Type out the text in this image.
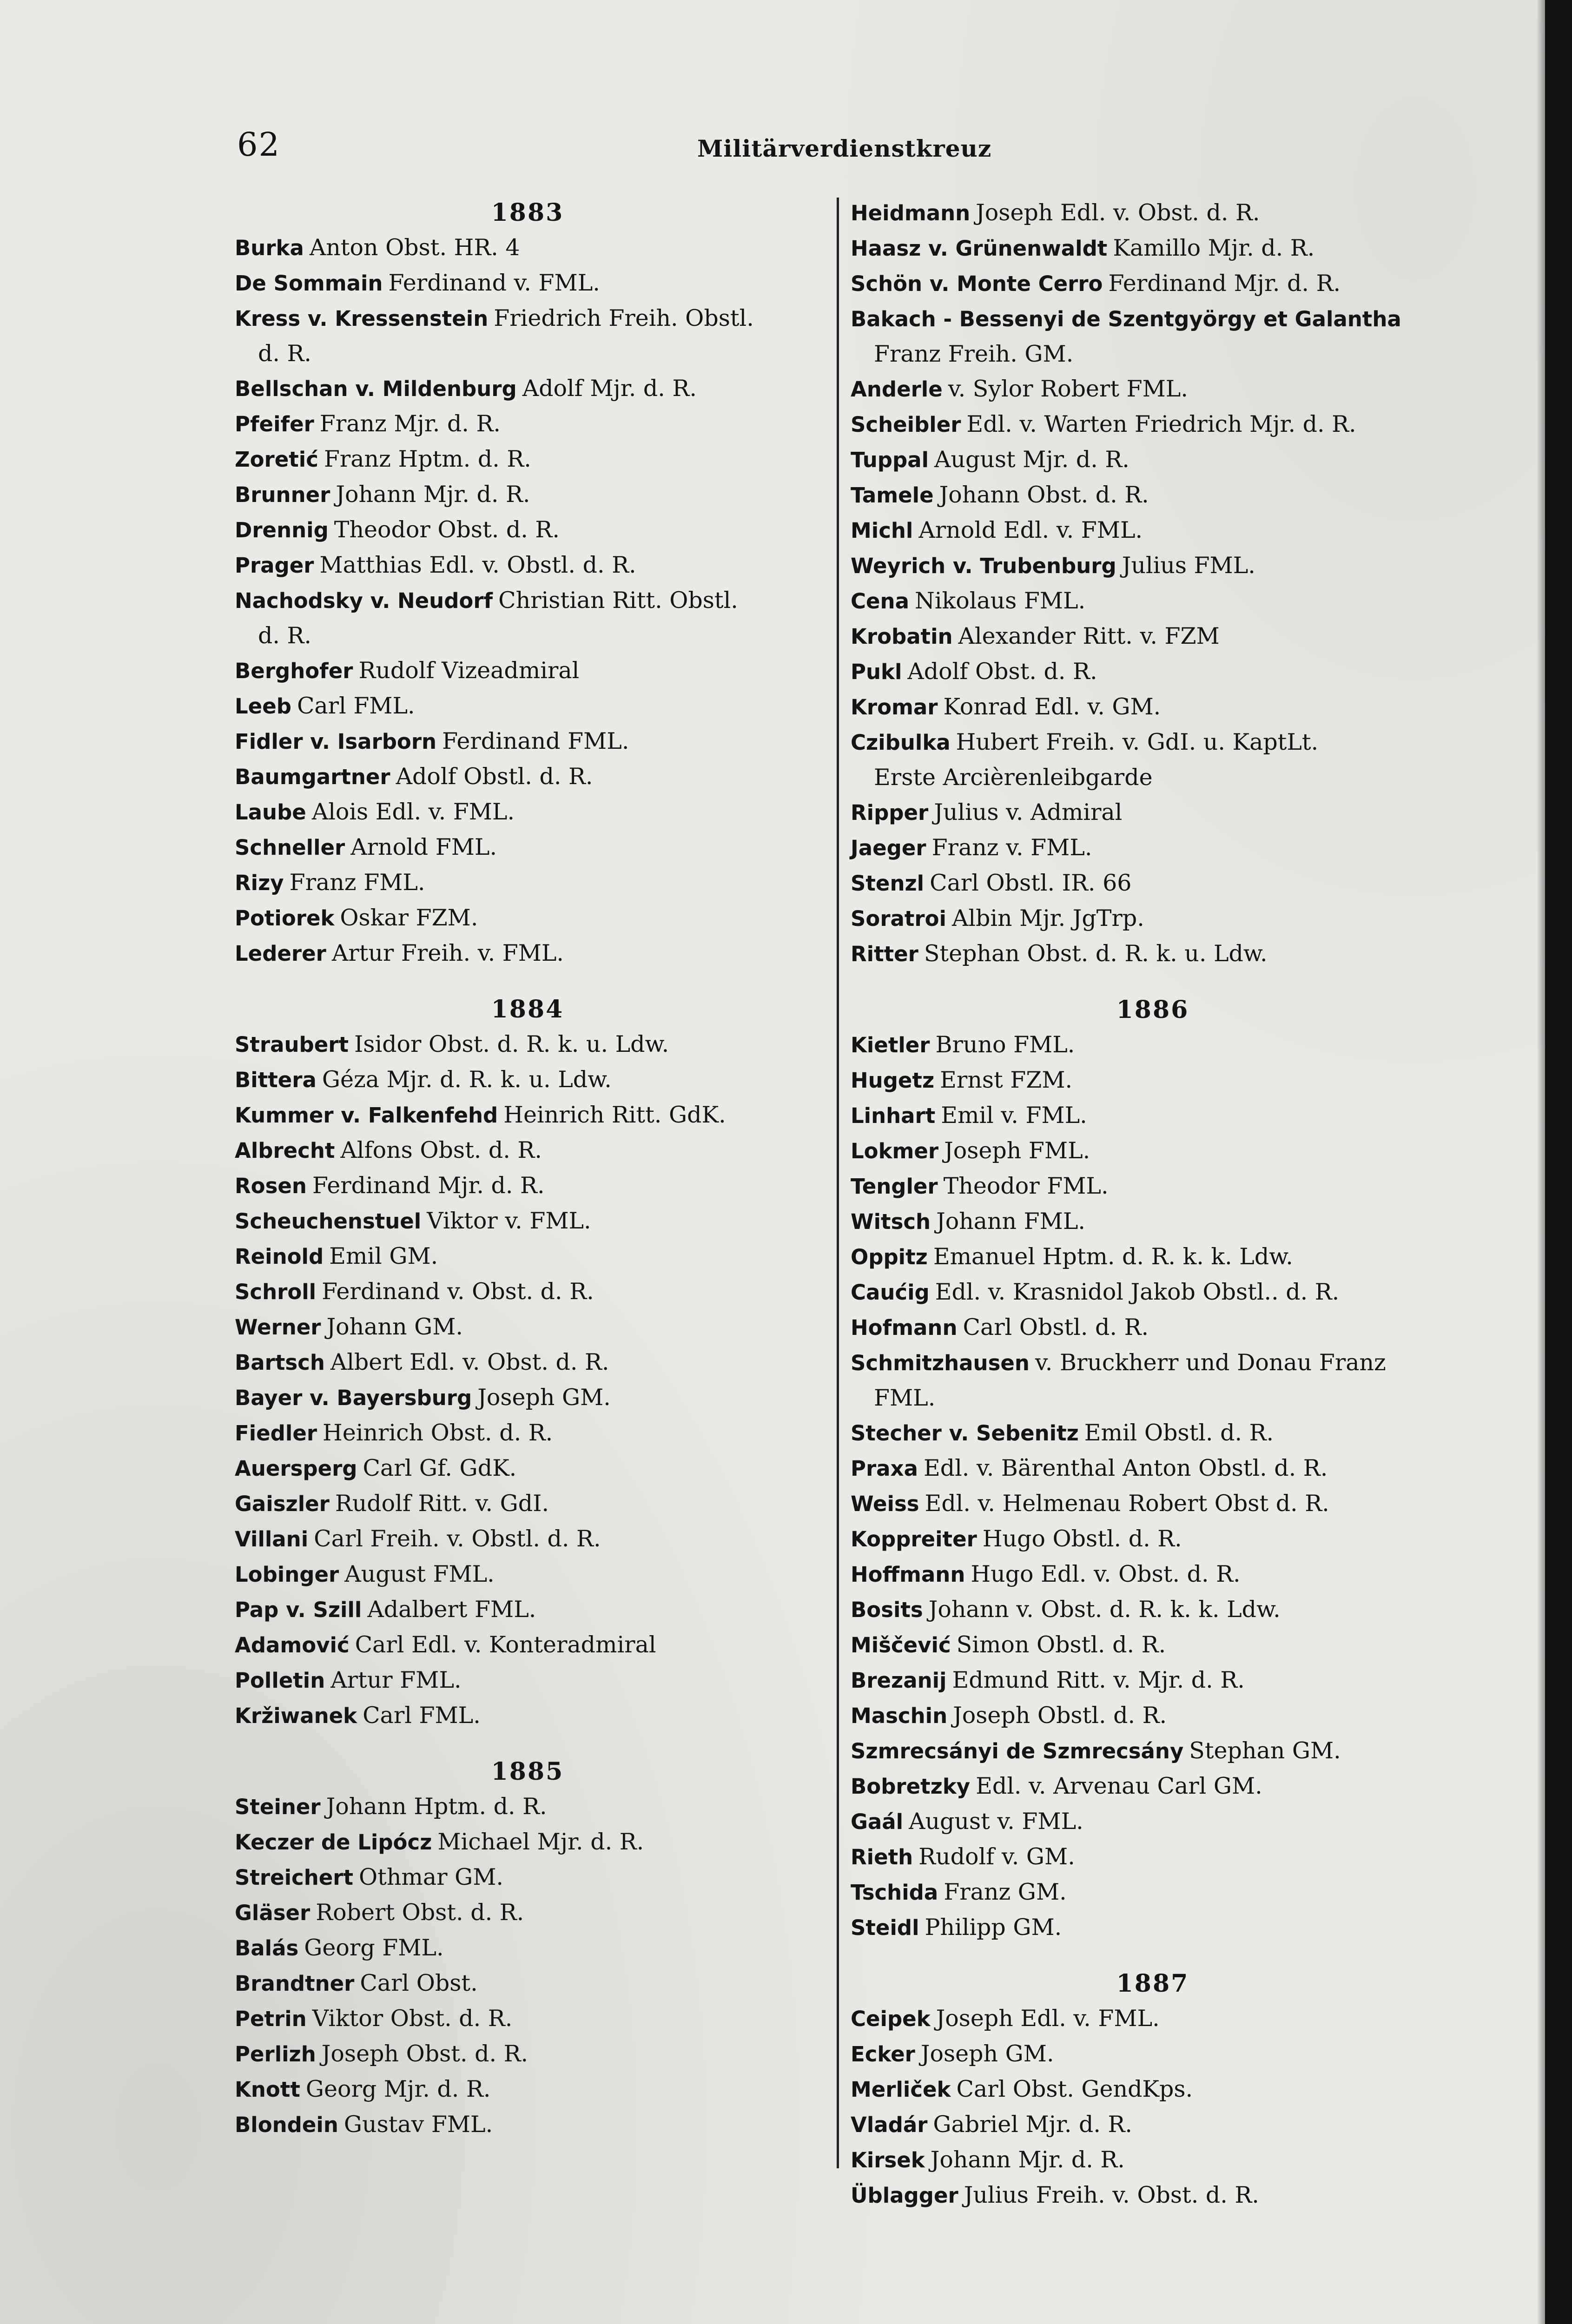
62	Militärverdienstkreuz
1883
Burka Anton Obst. HR. 4
De Sommain Ferdinand v. FML.
Kress v. Kressenstein Friedrich Freih. Obstl.
d. R.
Bellschan v. Mildenburg Adolf Mjr. d. R.
Pfeifer Franz Mjr. d. R.
Zoretić Franz Hptm. d. R.
Brunner Johann Mjr. d. R.
Drennig Theodor Obst. d. R.
Prager Matthias Edl. v. Obstl. d. R.
Nachodsky v. Neudorf Christian Ritt. Obstl.
d. R.
Berghofer Rudolf Vizeadmiral
Leeb Carl FML.
Fidler v. Isarborn Ferdinand FML.
Baumgartner Adolf Obstl. d. R.
Laube Alois Edl. v. FML.
Schneller Arnold FML.
Rizy Franz FML.
Potiorek Oskar FZM.
Lederer Artur Freih. v. FML.
1884
Straubert Isidor Obst. d. R. k. u. Ldw.
Bittera Géza Mjr. d. R. k. u. Ldw.
Kummer v. Falkenfehd Heinrich Ritt. GdK.
Albrecht Alfons Obst. d. R.
Rosen Ferdinand Mjr. d. R.
Scheuchenstuel Viktor v. FML.
Reinold Emil GM.
Schroll Ferdinand v. Obst. d. R.
Werner Johann GM.
Bartsch Albert Edl. v. Obst. d. R.
Bayer v. Bayersburg Joseph GM.
Fiedler Heinrich Obst. d. R.
Auersperg Carl Gf. GdK.
Gaiszler Rudolf Ritt. v. GdI.
Villani Carl Freih. v. Obstl. d. R.
Lobinger August FML.
Pap v. Szill Adalbert FML.
Adamović Carl Edl. v. Konteradmiral
Polletin Artur FML.
Kržiwanek Carl FML.
1885
Steiner Johann Hptm. d. R.
Keczer de Lipócz Michael Mjr. d. R.
Streichert Othmar GM.
Gläser Robert Obst. d. R.
Balás Georg FML.
Brandtner Carl Obst.
Petrin Viktor Obst. d. R.
Perlizh Joseph Obst. d. R.
Knott Georg Mjr. d. R.
Blondein Gustav FML.
Heidmann Joseph Edl. v. Obst. d. R.
Haasz v. Grünenwaldt Kamillo Mjr. d. R.
Schön v. Monte Cerro Ferdinand Mjr. d. R.
Bakach - Bessenyi de Szentgyörgy et Galantha
Franz Freih. GM.
Anderle v. Sylor Robert FML.
Scheibler Edl. v. Warten Friedrich Mjr. d. R.
Tuppal August Mjr. d. R.
Tamele Johann Obst. d. R.
Michl Arnold Edl. v. FML.
Weyrich v. Trubenburg Julius FML.
Cena Nikolaus FML.
Krobatin Alexander Ritt. v. FZM
Pukl Adolf Obst. d. R.
Kromar Konrad Edl. v. GM.
Czibulka Hubert Freih. v. GdI. u. KaptLt.
Erste Arcièrenleibgarde
Ripper Julius v. Admiral
Jaeger Franz v. FML.
Stenzl Carl Obstl. IR. 66
Soratroi Albin Mjr. JgTrp.
Ritter Stephan Obst. d. R. k. u. Ldw.
1886
Kietler Bruno FML.
Hugetz Ernst FZM.
Linhart Emil v. FML.
Lokmer Joseph FML.
Tengler Theodor FML.
Witsch Johann FML.
Oppitz Emanuel Hptm. d. R. k. k. Ldw.
Caućig Edl. v. Krasnidol Jakob Obstl.. d. R.
Hofmann Carl Obstl. d. R.
Schmitzhausen v. Bruckherr und Donau Franz
FML.
Stecher v. Sebenitz Emil Obstl. d. R.
Praxa Edl. v. Bärenthal Anton Obstl. d. R.
Weiss Edl. v. Helmenau Robert Obst d. R.
Koppreiter Hugo Obstl. d. R.
Hoffmann Hugo Edl. v. Obst. d. R.
Bosits Johann v. Obst. d. R. k. k. Ldw.
Miščević Simon Obstl. d. R.
Brezanij Edmund Ritt. v. Mjr. d. R.
Maschin Joseph Obstl. d. R.
Szmrecsányi de Szmrecsány Stephan GM.
Bobretzky Edl. v. Arvenau Carl GM.
Gaál August v. FML.
Rieth Rudolf v. GM.
Tschida Franz GM.
Steidl Philipp GM.
1887
Ceipek Joseph Edl. v. FML.
Ecker Joseph GM.
Merliček Carl Obst. GendKps.
Vladár Gabriel Mjr. d. R.
Kirsek Johann Mjr. d. R.
Üblagger Julius Freih. v. Obst. d. R.
